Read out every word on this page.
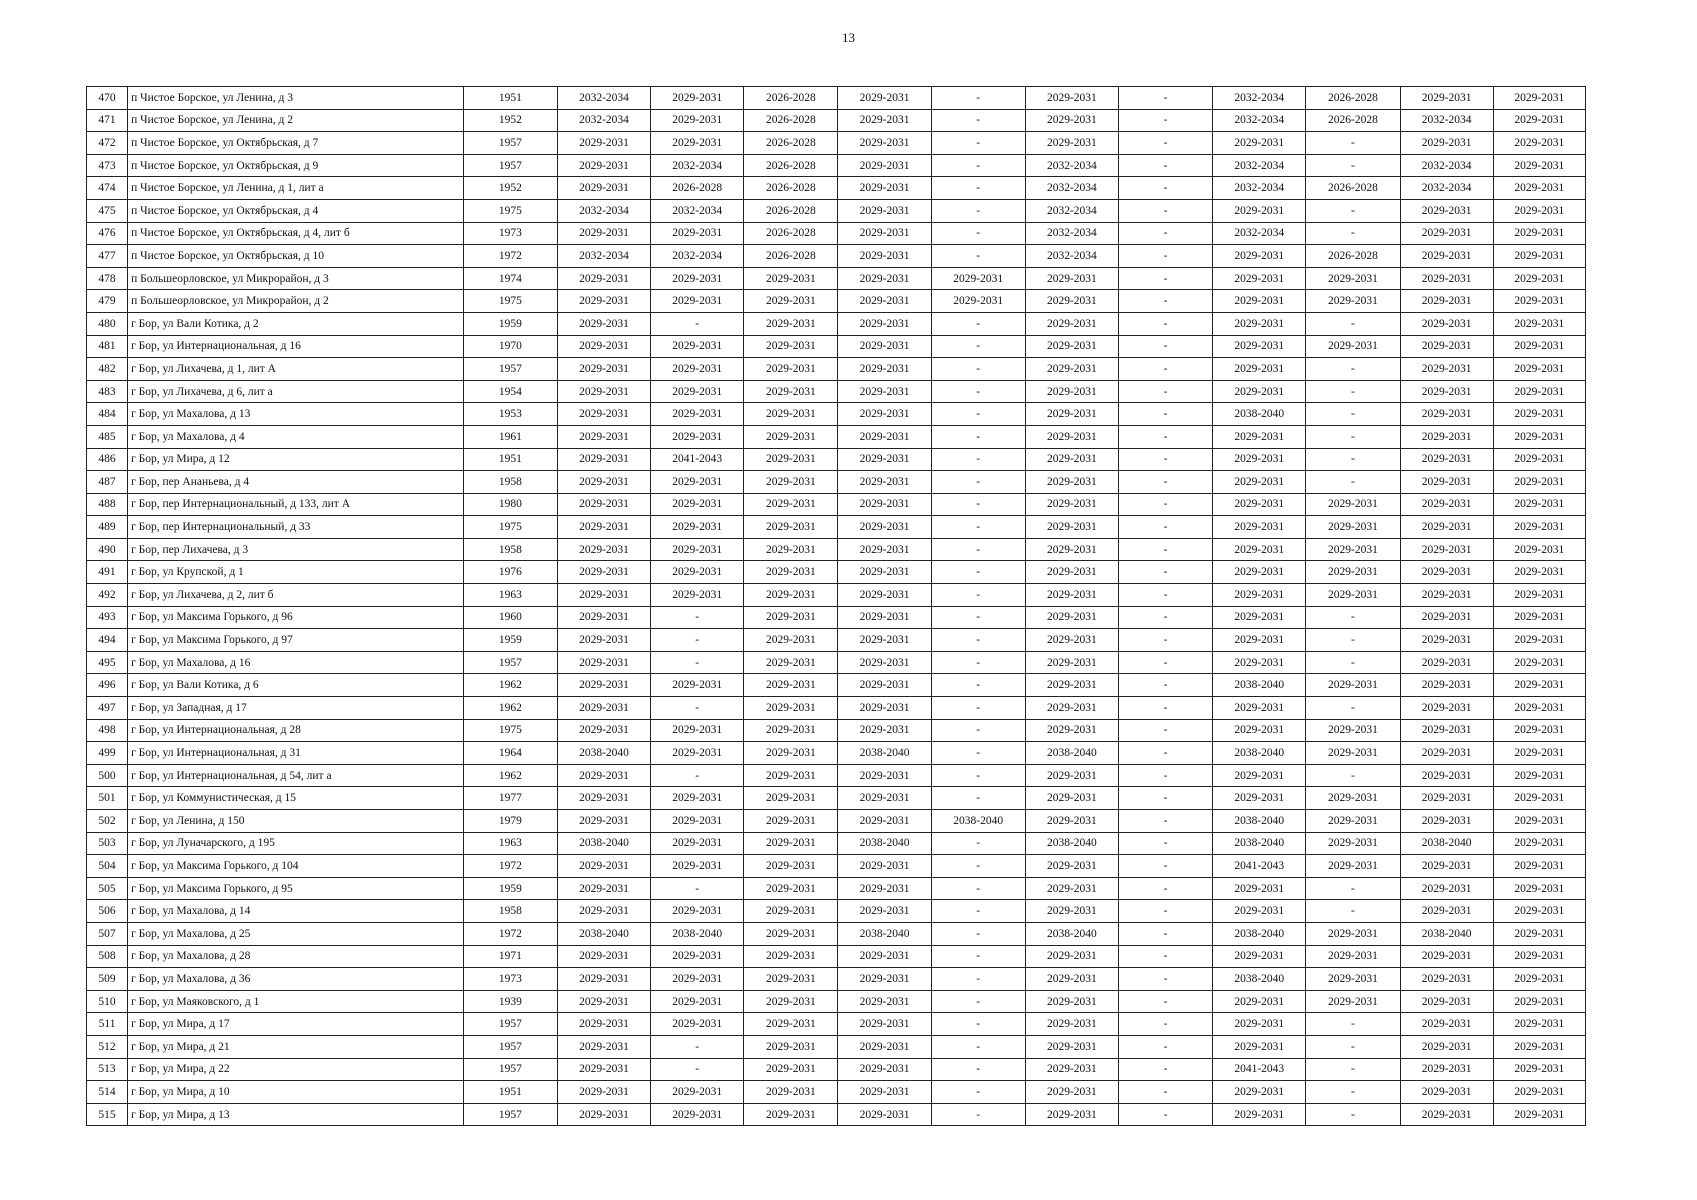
13
470	п Чистое Борское, ул Ленина, д 3	1951	2032-2034	2029-2031	2026-2028	2029-2031	-	2029-2031	-	2032-2034	2026-2028	2029-2031	2029-2031
471	п Чистое Борское, ул Ленина, д 2	1952	2032-2034	2029-2031	2026-2028	2029-2031	-	2029-2031	-	2032-2034	2026-2028	2032-2034	2029-2031
472	п Чистое Борское, ул Октябрьская, д 7	1957	2029-2031	2029-2031	2026-2028	2029-2031	-	2029-2031	-	2029-2031	-	2029-2031	2029-2031
473	п Чистое Борское, ул Октябрьская, д 9	1957	2029-2031	2032-2034	2026-2028	2029-2031	-	2032-2034	-	2032-2034	-	2032-2034	2029-2031
474	п Чистое Борское, ул Ленина, д 1, лит а	1952	2029-2031	2026-2028	2026-2028	2029-2031	-	2032-2034	-	2032-2034	2026-2028	2032-2034	2029-2031
475	п Чистое Борское, ул Октябрьская, д 4	1975	2032-2034	2032-2034	2026-2028	2029-2031	-	2032-2034	-	2029-2031	-	2029-2031	2029-2031
476	п Чистое Борское, ул Октябрьская, д 4, лит б	1973	2029-2031	2029-2031	2026-2028	2029-2031	-	2032-2034	-	2032-2034	-	2029-2031	2029-2031
477	п Чистое Борское, ул Октябрьская, д 10	1972	2032-2034	2032-2034	2026-2028	2029-2031	-	2032-2034	-	2029-2031	2026-2028	2029-2031	2029-2031
478	п Большеорловское, ул Микрорайон, д 3	1974	2029-2031	2029-2031	2029-2031	2029-2031	2029-2031	2029-2031	-	2029-2031	2029-2031	2029-2031	2029-2031
479	п Большеорловское, ул Микрорайон, д 2	1975	2029-2031	2029-2031	2029-2031	2029-2031	2029-2031	2029-2031	-	2029-2031	2029-2031	2029-2031	2029-2031
480	г Бор, ул Вали Котика, д 2	1959	2029-2031	-	2029-2031	2029-2031	-	2029-2031	-	2029-2031	-	2029-2031	2029-2031
481	г Бор, ул Интернациональная, д 16	1970	2029-2031	2029-2031	2029-2031	2029-2031	-	2029-2031	-	2029-2031	2029-2031	2029-2031	2029-2031
482	г Бор, ул Лихачева, д 1, лит А	1957	2029-2031	2029-2031	2029-2031	2029-2031	-	2029-2031	-	2029-2031	-	2029-2031	2029-2031
483	г Бор, ул Лихачева, д 6, лит а	1954	2029-2031	2029-2031	2029-2031	2029-2031	-	2029-2031	-	2029-2031	-	2029-2031	2029-2031
484	г Бор, ул Махалова, д 13	1953	2029-2031	2029-2031	2029-2031	2029-2031	-	2029-2031	-	2038-2040	-	2029-2031	2029-2031
485	г Бор, ул Махалова, д 4	1961	2029-2031	2029-2031	2029-2031	2029-2031	-	2029-2031	-	2029-2031	-	2029-2031	2029-2031
486	г Бор, ул Мира, д 12	1951	2029-2031	2041-2043	2029-2031	2029-2031	-	2029-2031	-	2029-2031	-	2029-2031	2029-2031
487	г Бор, пер Ананьева, д 4	1958	2029-2031	2029-2031	2029-2031	2029-2031	-	2029-2031	-	2029-2031	-	2029-2031	2029-2031
488	г Бор, пер Интернациональный, д 133, лит А	1980	2029-2031	2029-2031	2029-2031	2029-2031	-	2029-2031	-	2029-2031	2029-2031	2029-2031	2029-2031
489	г Бор, пер Интернациональный, д 33	1975	2029-2031	2029-2031	2029-2031	2029-2031	-	2029-2031	-	2029-2031	2029-2031	2029-2031	2029-2031
490	г Бор, пер Лихачева, д 3	1958	2029-2031	2029-2031	2029-2031	2029-2031	-	2029-2031	-	2029-2031	2029-2031	2029-2031	2029-2031
491	г Бор, ул Крупской, д 1	1976	2029-2031	2029-2031	2029-2031	2029-2031	-	2029-2031	-	2029-2031	2029-2031	2029-2031	2029-2031
492	г Бор, ул Лихачева, д 2, лит б	1963	2029-2031	2029-2031	2029-2031	2029-2031	-	2029-2031	-	2029-2031	2029-2031	2029-2031	2029-2031
493	г Бор, ул Максима Горького, д 96	1960	2029-2031	-	2029-2031	2029-2031	-	2029-2031	-	2029-2031	-	2029-2031	2029-2031
494	г Бор, ул Максима Горького, д 97	1959	2029-2031	-	2029-2031	2029-2031	-	2029-2031	-	2029-2031	-	2029-2031	2029-2031
495	г Бор, ул Махалова, д 16	1957	2029-2031	-	2029-2031	2029-2031	-	2029-2031	-	2029-2031	-	2029-2031	2029-2031
496	г Бор, ул Вали Котика, д 6	1962	2029-2031	2029-2031	2029-2031	2029-2031	-	2029-2031	-	2038-2040	2029-2031	2029-2031	2029-2031
497	г Бор, ул Западная, д 17	1962	2029-2031	-	2029-2031	2029-2031	-	2029-2031	-	2029-2031	-	2029-2031	2029-2031
498	г Бор, ул Интернациональная, д 28	1975	2029-2031	2029-2031	2029-2031	2029-2031	-	2029-2031	-	2029-2031	2029-2031	2029-2031	2029-2031
499	г Бор, ул Интернациональная, д 31	1964	2038-2040	2029-2031	2029-2031	2038-2040	-	2038-2040	-	2038-2040	2029-2031	2029-2031	2029-2031
500	г Бор, ул Интернациональная, д 54, лит а	1962	2029-2031	-	2029-2031	2029-2031	-	2029-2031	-	2029-2031	-	2029-2031	2029-2031
501	г Бор, ул Коммунистическая, д 15	1977	2029-2031	2029-2031	2029-2031	2029-2031	-	2029-2031	-	2029-2031	2029-2031	2029-2031	2029-2031
502	г Бор, ул Ленина, д 150	1979	2029-2031	2029-2031	2029-2031	2029-2031	2038-2040	2029-2031	-	2038-2040	2029-2031	2029-2031	2029-2031
503	г Бор, ул Луначарского, д 195	1963	2038-2040	2029-2031	2029-2031	2038-2040	-	2038-2040	-	2038-2040	2029-2031	2038-2040	2029-2031
504	г Бор, ул Максима Горького, д 104	1972	2029-2031	2029-2031	2029-2031	2029-2031	-	2029-2031	-	2041-2043	2029-2031	2029-2031	2029-2031
505	г Бор, ул Максима Горького, д 95	1959	2029-2031	-	2029-2031	2029-2031	-	2029-2031	-	2029-2031	-	2029-2031	2029-2031
506	г Бор, ул Махалова, д 14	1958	2029-2031	2029-2031	2029-2031	2029-2031	-	2029-2031	-	2029-2031	-	2029-2031	2029-2031
507	г Бор, ул Махалова, д 25	1972	2038-2040	2038-2040	2029-2031	2038-2040	-	2038-2040	-	2038-2040	2029-2031	2038-2040	2029-2031
508	г Бор, ул Махалова, д 28	1971	2029-2031	2029-2031	2029-2031	2029-2031	-	2029-2031	-	2029-2031	2029-2031	2029-2031	2029-2031
509	г Бор, ул Махалова, д 36	1973	2029-2031	2029-2031	2029-2031	2029-2031	-	2029-2031	-	2038-2040	2029-2031	2029-2031	2029-2031
510	г Бор, ул Маяковского, д 1	1939	2029-2031	2029-2031	2029-2031	2029-2031	-	2029-2031	-	2029-2031	2029-2031	2029-2031	2029-2031
511	г Бор, ул Мира, д 17	1957	2029-2031	2029-2031	2029-2031	2029-2031	-	2029-2031	-	2029-2031	-	2029-2031	2029-2031
512	г Бор, ул Мира, д 21	1957	2029-2031	-	2029-2031	2029-2031	-	2029-2031	-	2029-2031	-	2029-2031	2029-2031
513	г Бор, ул Мира, д 22	1957	2029-2031	-	2029-2031	2029-2031	-	2029-2031	-	2041-2043	-	2029-2031	2029-2031
514	г Бор, ул Мира, д 10	1951	2029-2031	2029-2031	2029-2031	2029-2031	-	2029-2031	-	2029-2031	-	2029-2031	2029-2031
515	г Бор, ул Мира, д 13	1957	2029-2031	2029-2031	2029-2031	2029-2031	-	2029-2031	-	2029-2031	-	2029-2031	2029-2031
